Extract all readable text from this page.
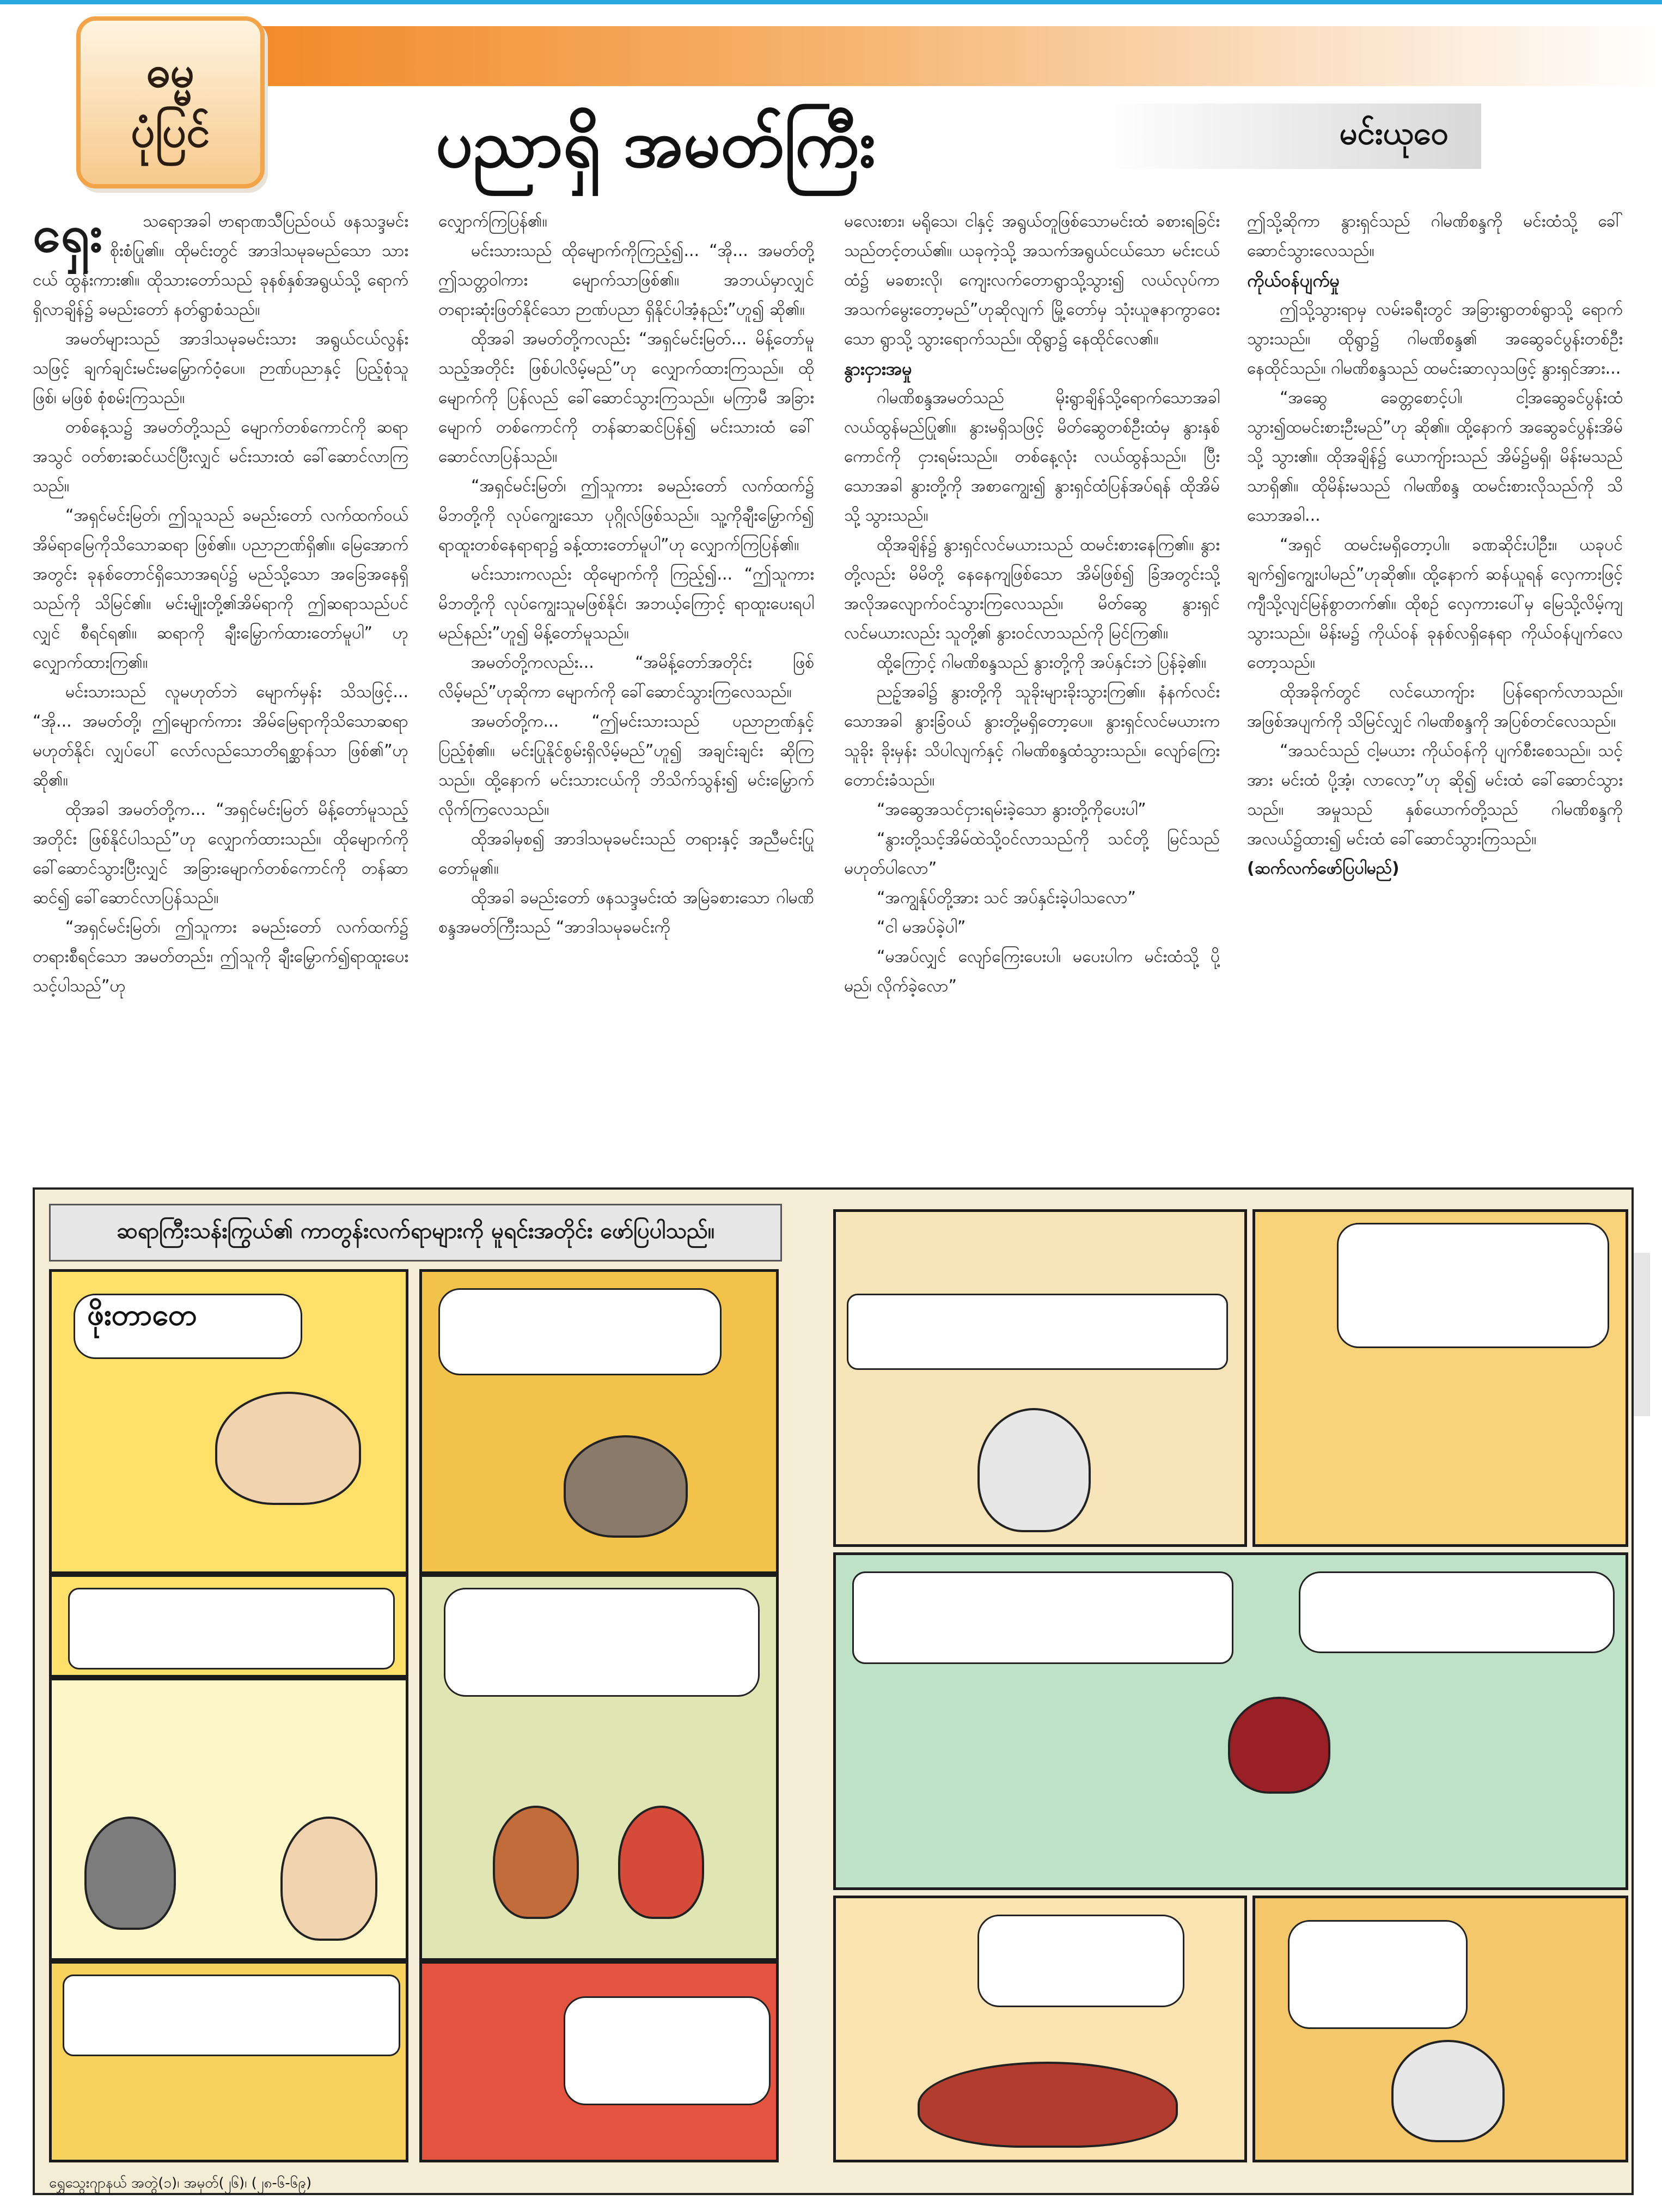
ဓမ္မ
ပုံပြင်	ပညာရှိ အမတ်ကြီး	မင်းယုဝေ

ရှေး သရောအခါ ဗာရာဏသီပြည်ဝယ် ဖနသဒ္ဒမင်း စိုးစံပြု၏။ ထိုမင်းတွင် အာဒါသမုခမည်သော သားငယ် ထွန်းကား၏။ ထိုသားတော်သည် ခုနစ်နှစ်အရွယ်သို့ ရောက်ရှိလာချိန်၌ ခမည်းတော် နတ်ရွာစံသည်။

အမတ်များသည် အာဒါသမုခမင်းသား အရွယ်ငယ်လွန်းသဖြင့် ချက်ချင်းမင်းမမြှောက်ဝံ့ပေ။ ဉာဏ်ပညာနှင့် ပြည့်စုံသူ ဖြစ်၊ မဖြစ် စုံစမ်းကြသည်။

တစ်နေ့သ၌ အမတ်တို့သည် မျောက်တစ်ကောင်ကို ဆရာအသွင် ဝတ်စားဆင်ယင်ပြီးလျှင် မင်းသားထံ ခေါ်ဆောင်လာကြသည်။

“အရှင်မင်းမြတ်၊ ဤသူသည် ခမည်းတော် လက်ထက်ဝယ် အိမ်ရာမြေကိုသိသောဆရာ ဖြစ်၏။ ပညာဉာဏ်ရှိ၏။ မြေအောက်အတွင်း ခုနစ်တောင်ရှိသောအရပ်၌ မည်သို့သော အခြေအနေရှိသည်ကို သိမြင်၏။ မင်းမျိုးတို့၏အိမ်ရာကို ဤဆရာသည်ပင် လျှင် စီရင်ရ၏။ ဆရာကို ချီးမြှောက်ထားတော်မူပါ” ဟု လျှောက်ထားကြ၏။

မင်းသားသည် လူမဟုတ်ဘဲ မျောက်မှန်း သိသဖြင့်... “အို... အမတ်တို့၊ ဤမျောက်ကား အိမ်မြေရာကိုသိသောဆရာ မဟုတ်နိုင်၊ လျှပ်ပေါ် လော်လည်သောတိရစ္ဆာန်သာ ဖြစ်၏”ဟုဆို၏။

ထိုအခါ အမတ်တို့က... “အရှင်မင်းမြတ် မိန့်တော်မူသည့်အတိုင်း ဖြစ်နိုင်ပါသည်”ဟု လျှောက်ထားသည်။ ထိုမျောက်ကို ခေါ်ဆောင်သွားပြီးလျှင် အခြားမျောက်တစ်ကောင်ကို တန်ဆာဆင်၍ ခေါ်ဆောင်လာပြန်သည်။

“အရှင်မင်းမြတ်၊ ဤသူကား ခမည်းတော် လက်ထက်၌ တရားစီရင်သော အမတ်တည်း၊ ဤသူကို ချီးမြှောက်၍ရာထူးပေးသင့်ပါသည်”ဟု

လျှောက်ကြပြန်၏။

မင်းသားသည် ထိုမျောက်ကိုကြည့်၍... “အို... အမတ်တို့ ဤသတ္တဝါကား မျောက်သာဖြစ်၏။ အဘယ်မှာလျှင် တရားဆုံးဖြတ်နိုင်သော ဉာဏ်ပညာ ရှိနိုင်ပါအံ့နည်း”ဟူ၍ ဆို၏။

ထိုအခါ အမတ်တို့ကလည်း “အရှင်မင်းမြတ်... မိန့်တော်မူသည့်အတိုင်း ဖြစ်ပါလိမ့်မည်”ဟု လျှောက်ထားကြသည်။ ထိုမျောက်ကို ပြန်လည် ခေါ်ဆောင်သွားကြသည်။ မကြာမီ အခြားမျောက် တစ်ကောင်ကို တန်ဆာဆင်ပြန်၍ မင်းသားထံ ခေါ်ဆောင်လာပြန်သည်။

“အရှင်မင်းမြတ်၊ ဤသူကား ခမည်းတော် လက်ထက်၌ မိဘတို့ကို လုပ်ကျွေးသော ပုဂ္ဂိုလ်ဖြစ်သည်။ သူ့ကိုချီးမြှောက်၍ ရာထူးတစ်နေရာရာ၌ ခန့်ထားတော်မူပါ”ဟု လျှောက်ကြပြန်၏။

မင်းသားကလည်း ထိုမျောက်ကို ကြည့်၍... “ဤသူကား မိဘတို့ကို လုပ်ကျွေးသူမဖြစ်နိုင်၊ အဘယ့်ကြောင့် ရာထူးပေးရပါမည်နည်း”ဟူ၍ မိန့်တော်မူသည်။

အမတ်တို့ကလည်း... “အမိန့်တော်အတိုင်း ဖြစ်လိမ့်မည်”ဟုဆိုကာ မျောက်ကို ခေါ်ဆောင်သွားကြလေသည်။

အမတ်တို့က... “ဤမင်းသားသည် ပညာဉာဏ်နှင့် ပြည့်စုံ၏။ မင်းပြုနိုင်စွမ်းရှိလိမ့်မည်”ဟူ၍ အချင်းချင်း ဆိုကြသည်။ ထို့နောက် မင်းသားငယ်ကို ဘိသိက်သွန်း၍ မင်းမြှောက်လိုက်ကြလေသည်။

ထိုအခါမှစ၍ အာဒါသမုခမင်းသည် တရားနှင့် အညီမင်းပြုတော်မူ၏။

ထိုအခါ ခမည်းတော် ဖနသဒ္ဒမင်းထံ အမြဲခစားသော ဂါမဏိစန္ဒအမတ်ကြီးသည် “အာဒါသမုခမင်းကို

မလေးစား၊ မရိုသေ၊ ငါနှင့် အရွယ်တူဖြစ်သောမင်းထံ ခစားရခြင်းသည်တင့်တယ်၏။ ယခုကဲ့သို့ အသက်အရွယ်ငယ်သော မင်းငယ်ထံ၌ မခစားလို၊ ကျေးလက်တောရွာသို့သွား၍ လယ်လုပ်ကာ အသက်မွေးတော့မည်”ဟုဆိုလျက် မြို့တော်မှ သုံးယူဇနာကွာဝေးသော ရွာသို့ သွားရောက်သည်။ ထိုရွာ၌ နေထိုင်လေ၏။

နွားငှားအမှု

ဂါမဏိစန္ဒအမတ်သည် မိုးရွာချိန်သို့ရောက်သောအခါ လယ်ထွန်မည်ပြု၏။ နွားမရှိသဖြင့် မိတ်ဆွေတစ်ဦးထံမှ နွားနှစ်ကောင်ကို ငှားရမ်းသည်။ တစ်နေ့လုံး လယ်ထွန်သည်။ ပြီးသောအခါ နွားတို့ကို အစာကျွေး၍ နွားရှင်ထံပြန်အပ်ရန် ထိုအိမ်သို့ သွားသည်။

ထိုအချိန်၌ နွားရှင်လင်မယားသည် ထမင်းစားနေကြ၏။ နွားတို့လည်း မိမိတို့ နေနေကျဖြစ်သော အိမ်ဖြစ်၍ ခြံအတွင်းသို့ အလိုအလျောက်ဝင်သွားကြလေသည်။ မိတ်ဆွေ နွားရှင်လင်မယားလည်း သူတို့၏ နွားဝင်လာသည်ကို မြင်ကြ၏။

ထို့ကြောင့် ဂါမဏိစန္ဒသည် နွားတို့ကို အပ်နှင်းဘဲ ပြန်ခဲ့၏။

ညဥ့်အခါ၌ နွားတို့ကို သူခိုးများခိုးသွားကြ၏။ နံနက်လင်းသောအခါ နွားခြံဝယ် နွားတို့မရှိတော့ပေ။ နွားရှင်လင်မယားက သူခိုး ခိုးမှန်း သိပါလျက်နှင့် ဂါမဏိစန္ဒထံသွားသည်။ လျော်ကြေးတောင်းခံသည်။

“အဆွေအသင်ငှားရမ်းခဲ့သော နွားတို့ကိုပေးပါ”

“နွားတို့သင့်အိမ်ထဲသို့ဝင်လာသည်ကို သင်တို့ မြင်သည်မဟုတ်ပါလော”

“အကျွန်ုပ်တို့အား သင် အပ်နှင်းခဲ့ပါသလော”

“ငါ မအပ်ခဲ့ပါ”

“မအပ်လျှင် လျော်ကြေးပေးပါ၊ မပေးပါက မင်းထံသို့ ပို့မည်၊ လိုက်ခဲ့လော”

ဤသို့ဆိုကာ နွားရှင်သည် ဂါမဏိစန္ဒကို မင်းထံသို့ ခေါ်ဆောင်သွားလေသည်။

ကိုယ်ဝန်ပျက်မှု

ဤသို့သွားရာမှ လမ်းခရီးတွင် အခြားရွာတစ်ရွာသို့ ရောက်သွားသည်။ ထိုရွာ၌ ဂါမဏိစန္ဒ၏ အဆွေခင်ပွန်းတစ်ဦး နေထိုင်သည်။ ဂါမဏိစန္ဒသည် ထမင်းဆာလှသဖြင့် နွားရှင်အား...

“အဆွေ ခေတ္တစောင့်ပါ၊ ငါ့အဆွေခင်ပွန်းထံ သွား၍ထမင်းစားဦးမည်”ဟု ဆို၏။ ထို့နောက် အဆွေခင်ပွန်းအိမ်သို့ သွား၏။ ထိုအချိန်၌ ယောကျ်ားသည် အိမ်၌မရှိ၊ မိန်းမသည်သာရှိ၏။ ထိုမိန်းမသည် ဂါမဏိစန္ဒ ထမင်းစားလိုသည်ကို သိသောအခါ...

“အရှင် ထမင်းမရှိတော့ပါ။ ခဏဆိုင်းပါဦး။ ယခုပင် ချက်၍ကျွေးပါမည်”ဟုဆို၏။ ထို့နောက် ဆန်ယူရန် လှေကားဖြင့် ကျီသို့လျင်မြန်စွာတက်၏။ ထိုစဉ် လှေကားပေါ်မှ မြေသို့လိမ့်ကျသွားသည်။ မိန်းမ၌ ကိုယ်ဝန် ခုနစ်လရှိနေရာ ကိုယ်ဝန်ပျက်လေတော့သည်။

ထိုအခိုက်တွင် လင်ယောကျ်ား ပြန်ရောက်လာသည်။ အဖြစ်အပျက်ကို သိမြင်လျှင် ဂါမဏိစန္ဒကို အပြစ်တင်လေသည်။

“အသင်သည် ငါ့မယား ကိုယ်ဝန်ကို ပျက်စီးစေသည်။ သင့်အား မင်းထံ ပို့အံ့၊ လာလော့”ဟု ဆို၍ မင်းထံ ခေါ်ဆောင်သွားသည်။ အမှုသည် နှစ်ယောက်တို့သည် ဂါမဏိစန္ဒကို အလယ်၌ထား၍ မင်းထံ ခေါ်ဆောင်သွားကြသည်။

(ဆက်လက်ဖော်ပြပါမည်)

ဆရာကြီးသန်းကြွယ်၏ ကာတွန်းလက်ရာများကို မူရင်းအတိုင်း ဖော်ပြပါသည်။
ဖိုးတာတေ
ရွှေသွေးဂျာနယ် အတွဲ(၁)၊ အမှတ်(၂၆)၊ (၂၈-၆-၆၉)
